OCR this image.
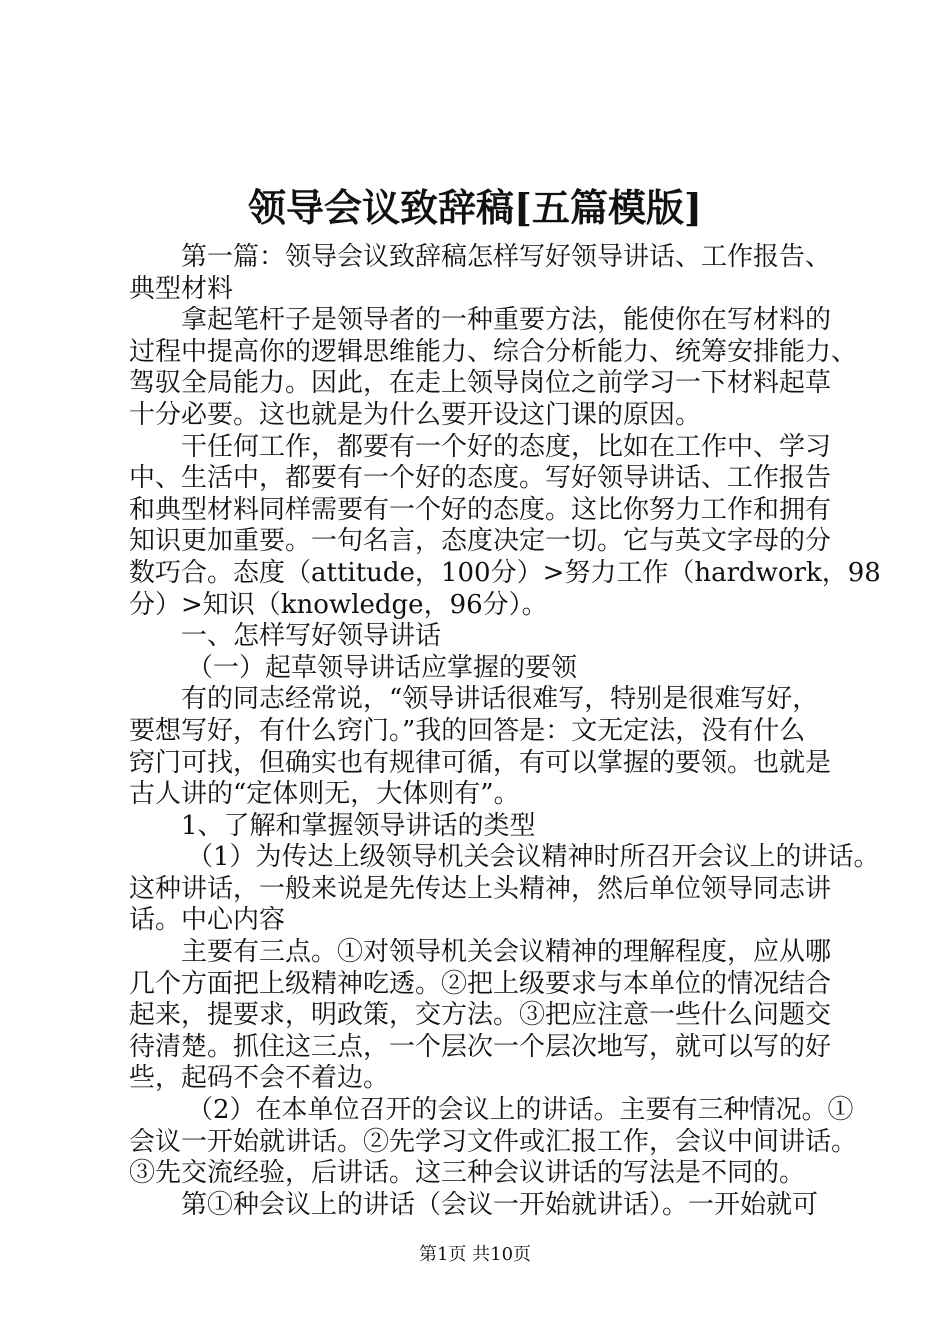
领导会议致辞稿[五篇模版]
第一篇：领导会议致辞稿怎样写好领导讲话、工作报告、
典型材料
拿起笔杆子是领导者的一种重要方法，能使你在写材料的
过程中提高你的逻辑思维能力、综合分析能力、统筹安排能力、
驾驭全局能力。因此，在走上领导岗位之前学习一下材料起草
十分必要。这也就是为什么要开设这门课的原因。
干任何工作，都要有一个好的态度，比如在工作中、学习
中、生活中，都要有一个好的态度。写好领导讲话、工作报告
和典型材料同样需要有一个好的态度。这比你努力工作和拥有
知识更加重要。一句名言，态度决定一切。它与英文字母的分
数巧合。态度（attitude，100分）>努力工作（hardwork，98
分）>知识（knowledge，96分）。
一、怎样写好领导讲话
（一）起草领导讲话应掌握的要领
有的同志经常说，“领导讲话很难写，特别是很难写好，
要想写好，有什么窍门。”我的回答是：文无定法，没有什么
窍门可找，但确实也有规律可循，有可以掌握的要领。也就是
古人讲的“定体则无，大体则有”。
1、了解和掌握领导讲话的类型
（1）为传达上级领导机关会议精神时所召开会议上的讲话。
这种讲话，一般来说是先传达上头精神，然后单位领导同志讲
话。中心内容
主要有三点。①对领导机关会议精神的理解程度，应从哪
几个方面把上级精神吃透。②把上级要求与本单位的情况结合
起来，提要求，明政策，交方法。③把应注意一些什么问题交
待清楚。抓住这三点，一个层次一个层次地写，就可以写的好
些，起码不会不着边。
（2）在本单位召开的会议上的讲话。主要有三种情况。①
会议一开始就讲话。②先学习文件或汇报工作，会议中间讲话。
③先交流经验，后讲话。这三种会议讲话的写法是不同的。
第①种会议上的讲话（会议一开始就讲话）。一开始就可
第1页 共10页
